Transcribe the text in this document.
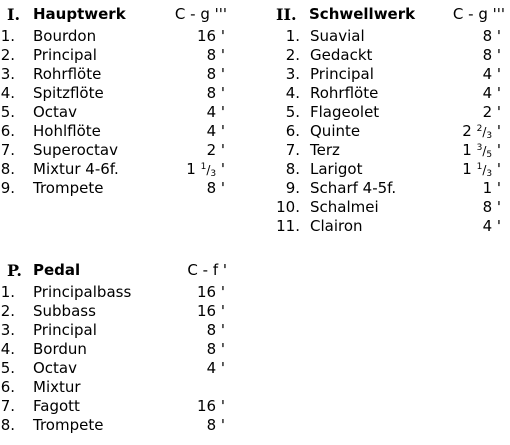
I. Hauptwerk	C - g '''
1. Bourdon	16 '
2. Principal	8 '
3. Rohrflöte	8 '
4. Spitzflöte	8 '
5. Octav	4 '
6. Hohlflöte	4 '
7. Superoctav	2 '
8. Mixtur 4-6f.	1 $^1/_3$ '
9. Trompete	8 '
II. Schwellwerk	C - g '''
1. Suavial	8 '
2. Gedackt	8 '
3. Principal	4 '
4. Rohrflöte	4 '
5. Flageolet	2 '
6. Quinte	2 $^2/_3$ '
7. Terz	1 $^3/_5$ '
8. Larigot	1 $^1/_3$ '
9. Scharf 4-5f.	1 '
10. Schalmei	8 '
11. Clairon	4 '
P. Pedal	C - f '
1. Principalbass	16 '
2. Subbass	16 '
3. Principal	8 '
4. Bordun	8 '
5. Octav	4 '
6. Mixtur
7. Fagott	16 '
8. Trompete	8 '
